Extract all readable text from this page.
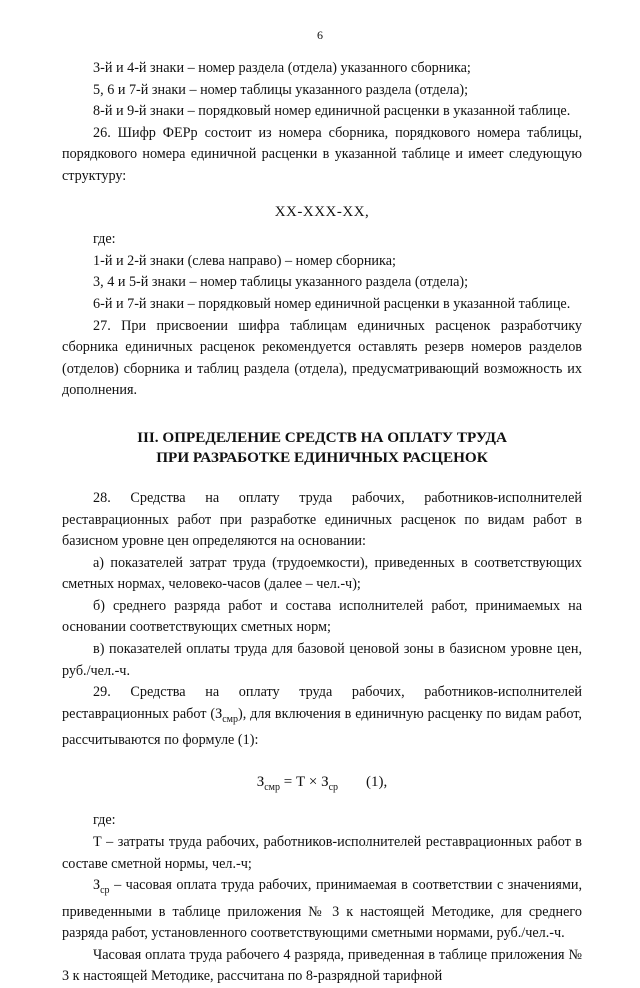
6

3-й и 4-й знаки – номер раздела (отдела) указанного сборника;

5, 6 и 7-й знаки – номер таблицы указанного раздела (отдела);

8-й и 9-й знаки – порядковый номер единичной расценки в указанной таблице.

26. Шифр ФЕРр состоит из номера сборника, порядкового номера таблицы, порядкового номера единичной расценки в указанной таблице и имеет следующую структуру:

ХХ-ХХХ-ХХ,

где:

1-й и 2-й знаки (слева направо) – номер сборника;

3, 4 и 5-й знаки – номер таблицы указанного раздела (отдела);

6-й и 7-й знаки – порядковый номер единичной расценки в указанной таблице.

27. При присвоении шифра таблицам единичных расценок разработчику сборника единичных расценок рекомендуется оставлять резерв номеров разделов (отделов) сборника и таблиц раздела (отдела), предусматривающий возможность их дополнения.

III. ОПРЕДЕЛЕНИЕ СРЕДСТВ НА ОПЛАТУ ТРУДА
ПРИ РАЗРАБОТКЕ ЕДИНИЧНЫХ РАСЦЕНОК

28. Средства на оплату труда рабочих, работников-исполнителей реставрационных работ при разработке единичных расценок по видам работ в базисном уровне цен определяются на основании:

а) показателей затрат труда (трудоемкости), приведенных в соответствующих сметных нормах, человеко-часов (далее – чел.-ч);

б) среднего разряда работ и состава исполнителей работ, принимаемых на основании соответствующих сметных норм;

в) показателей оплаты труда для базовой ценовой зоны в базисном уровне цен, руб./чел.-ч.

29. Средства на оплату труда рабочих, работников-исполнителей реставрационных работ $(З_{смр})$, для включения в единичную расценку по видам работ, рассчитываются по формуле (1):

$З_{смр} = Т \times З_{ср}$ (1),

где:

Т – затраты труда рабочих, работников-исполнителей реставрационных работ в составе сметной нормы, чел.-ч;

$З_{ср}$ – часовая оплата труда рабочих, принимаемая в соответствии с значениями, приведенными в таблице приложения № 3 к настоящей Методике, для среднего разряда работ, установленного соответствующими сметными нормами, руб./чел.-ч.

Часовая оплата труда рабочего 4 разряда, приведенная в таблице приложения № 3 к настоящей Методике, рассчитана по 8-разрядной тарифной
